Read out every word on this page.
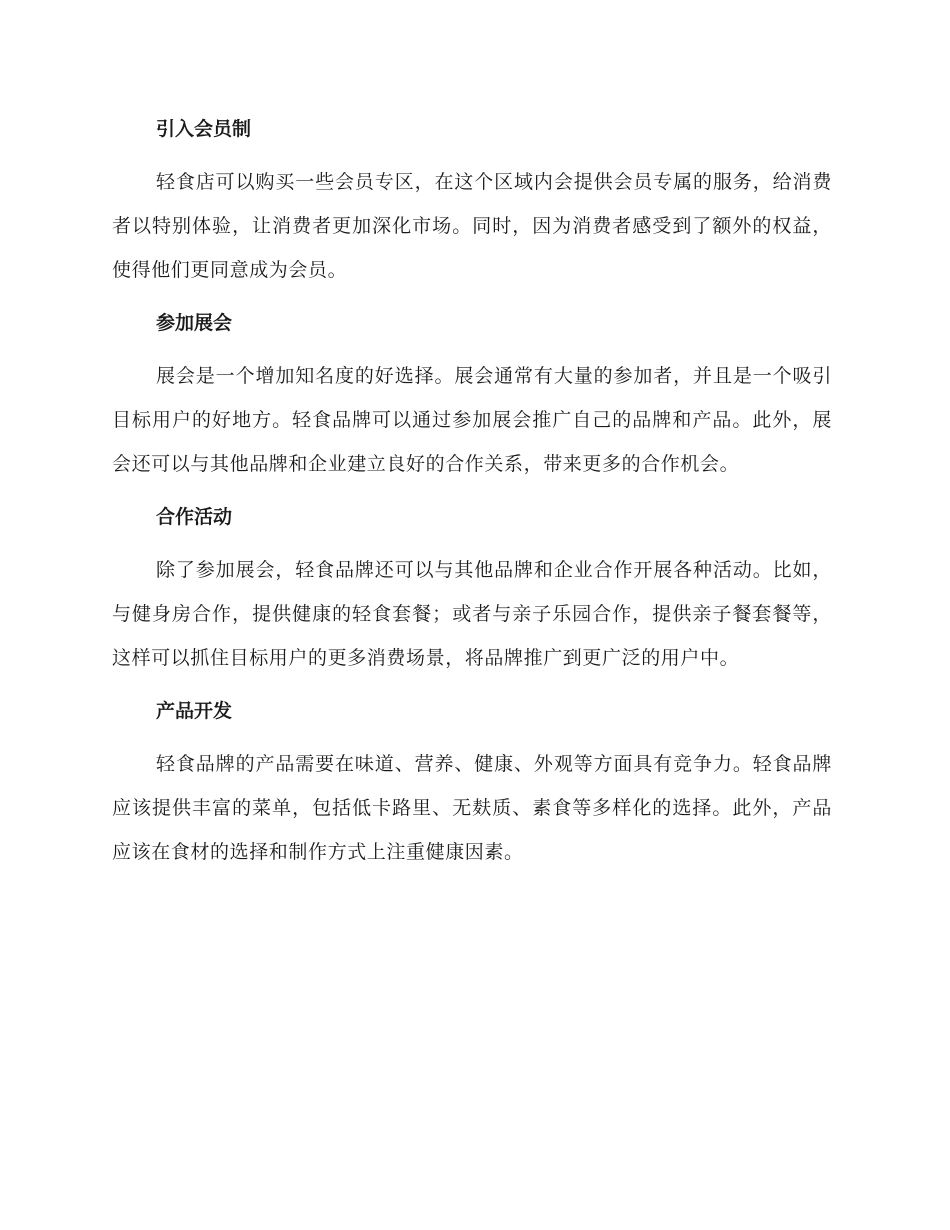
引入会员制

轻食店可以购买一些会员专区，在这个区域内会提供会员专属的服务，给消费者以特别体验，让消费者更加深化市场。同时，因为消费者感受到了额外的权益，使得他们更同意成为会员。

参加展会

展会是一个增加知名度的好选择。展会通常有大量的参加者，并且是一个吸引目标用户的好地方。轻食品牌可以通过参加展会推广自己的品牌和产品。此外，展会还可以与其他品牌和企业建立良好的合作关系，带来更多的合作机会。

合作活动

除了参加展会，轻食品牌还可以与其他品牌和企业合作开展各种活动。比如，与健身房合作，提供健康的轻食套餐；或者与亲子乐园合作，提供亲子餐套餐等，这样可以抓住目标用户的更多消费场景，将品牌推广到更广泛的用户中。

产品开发

轻食品牌的产品需要在味道、营养、健康、外观等方面具有竞争力。轻食品牌应该提供丰富的菜单，包括低卡路里、无麸质、素食等多样化的选择。此外，产品应该在食材的选择和制作方式上注重健康因素。
